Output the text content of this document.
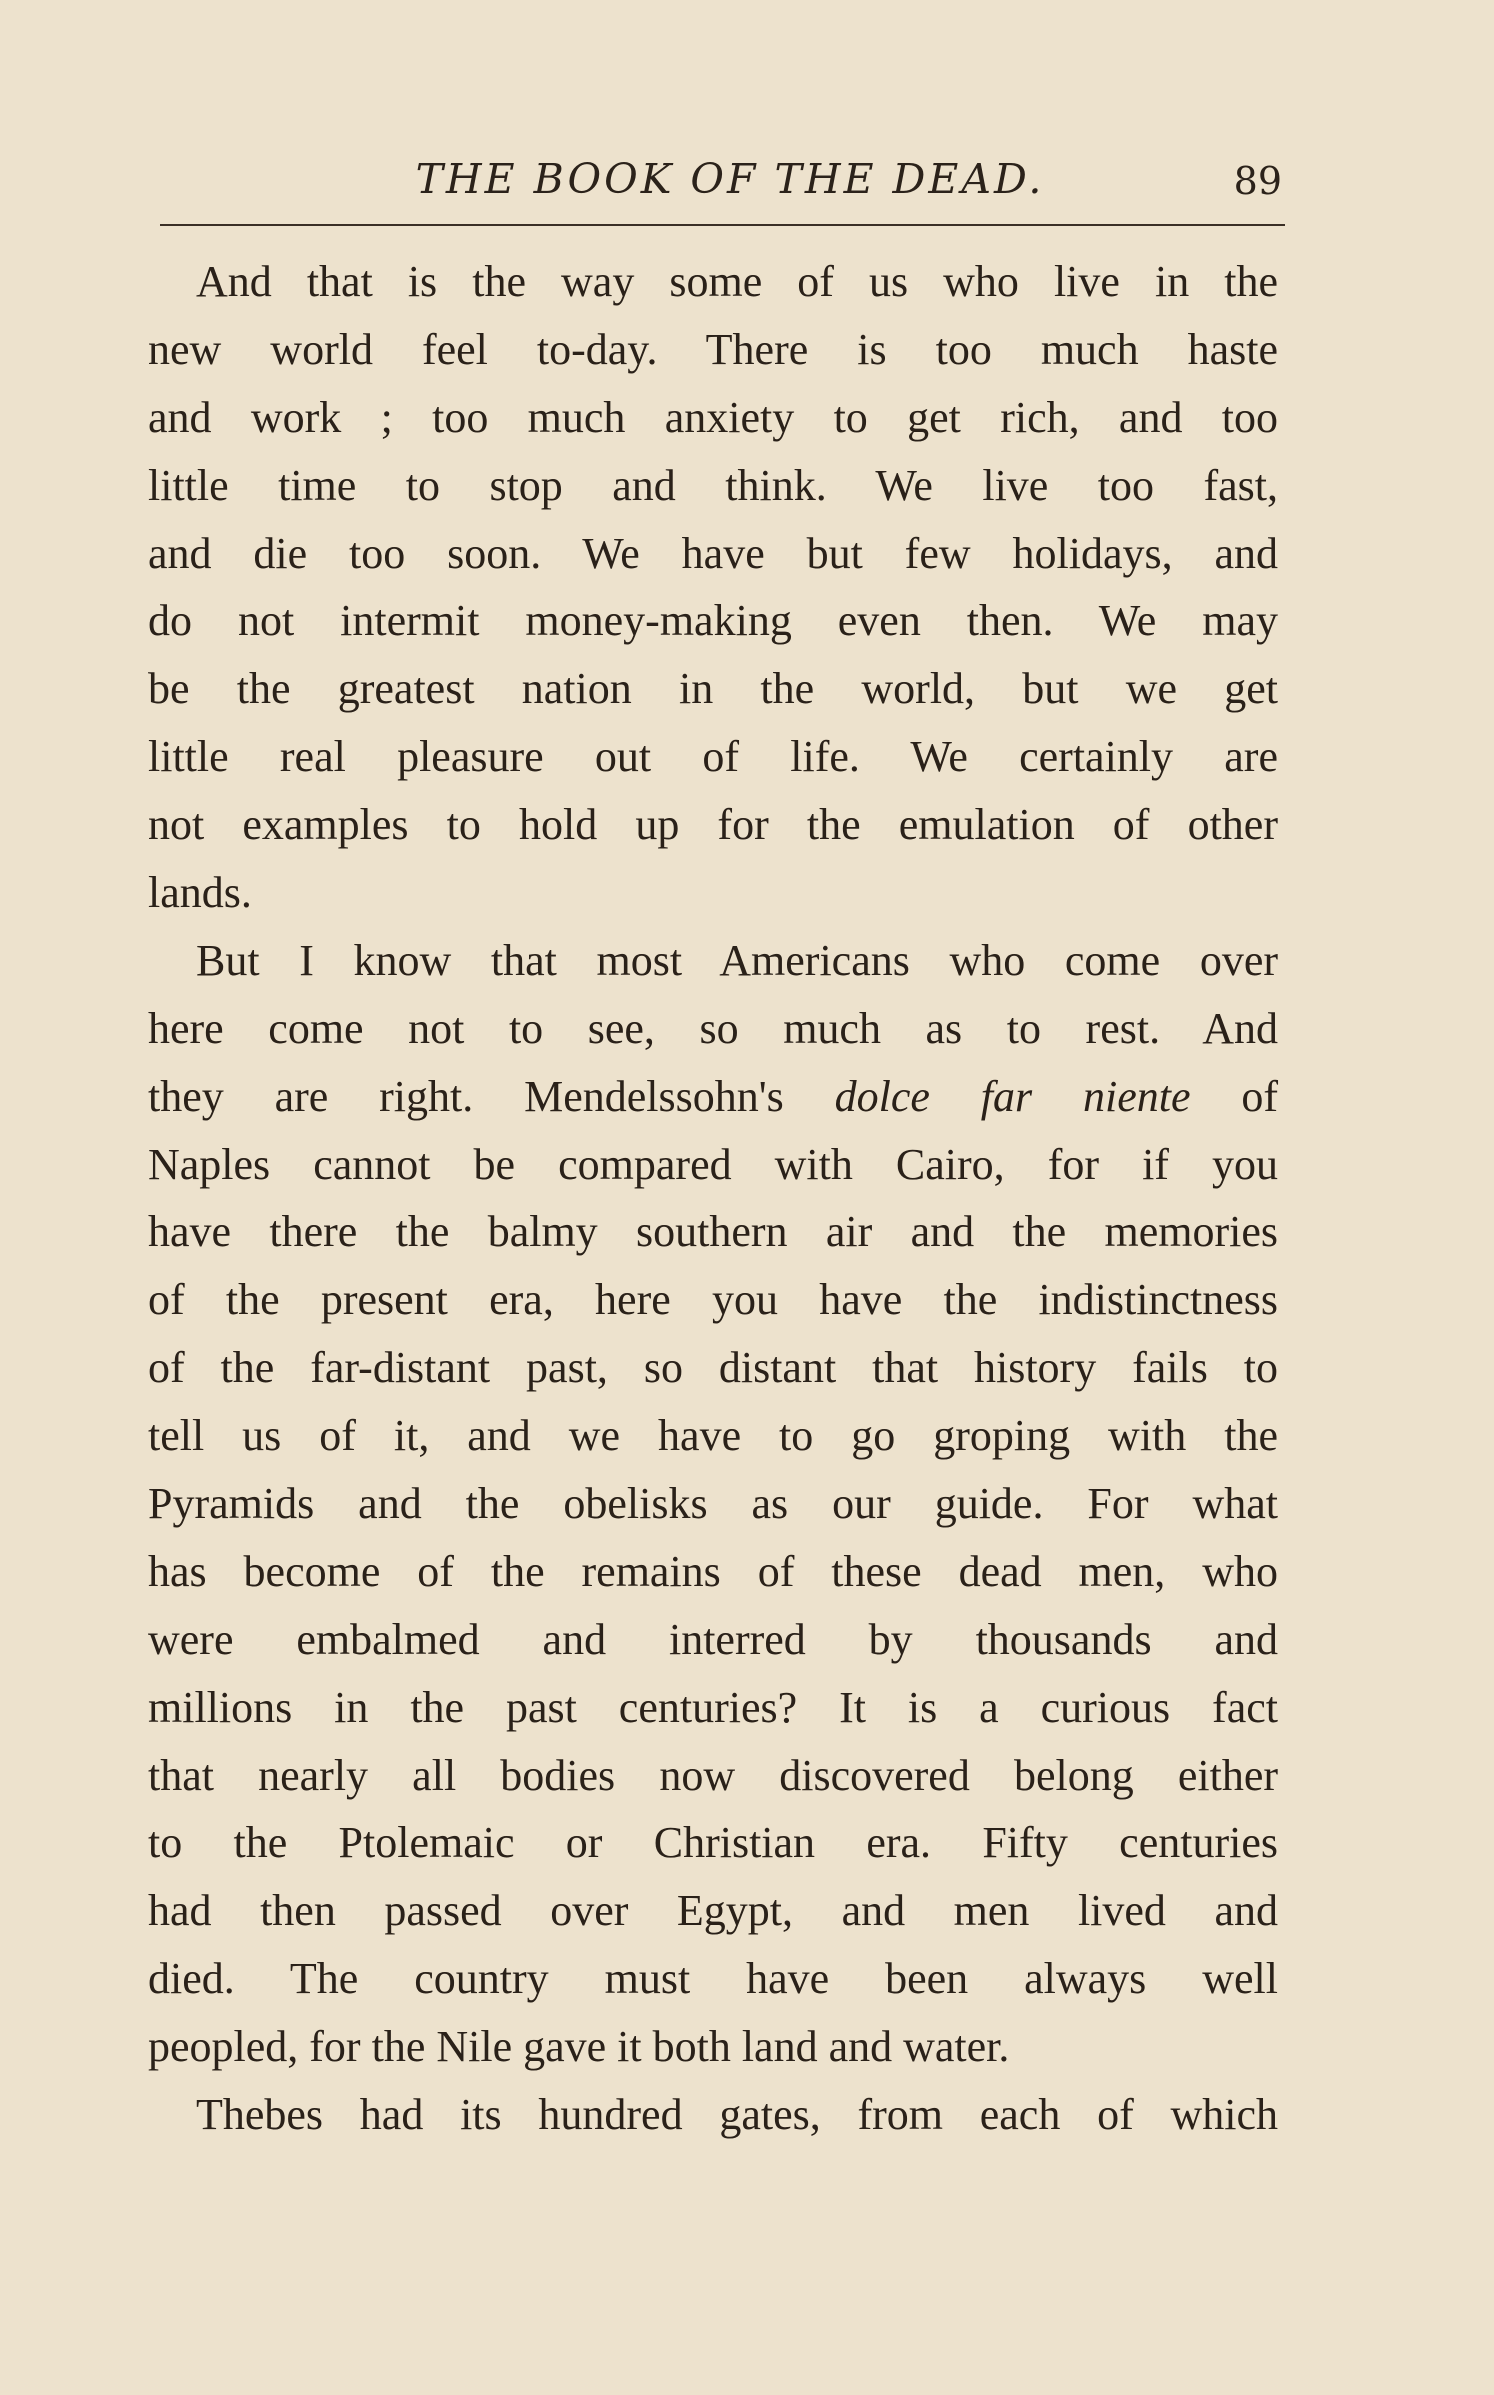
THE BOOK OF THE DEAD.	89
And that is the way some of us who live in the
new world feel to-day. There is too much haste
and work ; too much anxiety to get rich, and too
little time to stop and think. We live too fast,
and die too soon. We have but few holidays, and
do not intermit money-making even then. We may
be the greatest nation in the world, but we get
little real pleasure out of life. We certainly are
not examples to hold up for the emulation of other
lands.
But I know that most Americans who come over
here come not to see, so much as to rest. And
they are right. Mendelssohn's dolce far niente of
Naples cannot be compared with Cairo, for if you
have there the balmy southern air and the memories
of the present era, here you have the indistinctness
of the far-distant past, so distant that history fails to
tell us of it, and we have to go groping with the
Pyramids and the obelisks as our guide. For what
has become of the remains of these dead men, who
were embalmed and interred by thousands and
millions in the past centuries? It is a curious fact
that nearly all bodies now discovered belong either
to the Ptolemaic or Christian era. Fifty centuries
had then passed over Egypt, and men lived and
died. The country must have been always well
peopled, for the Nile gave it both land and water.
Thebes had its hundred gates, from each of which
